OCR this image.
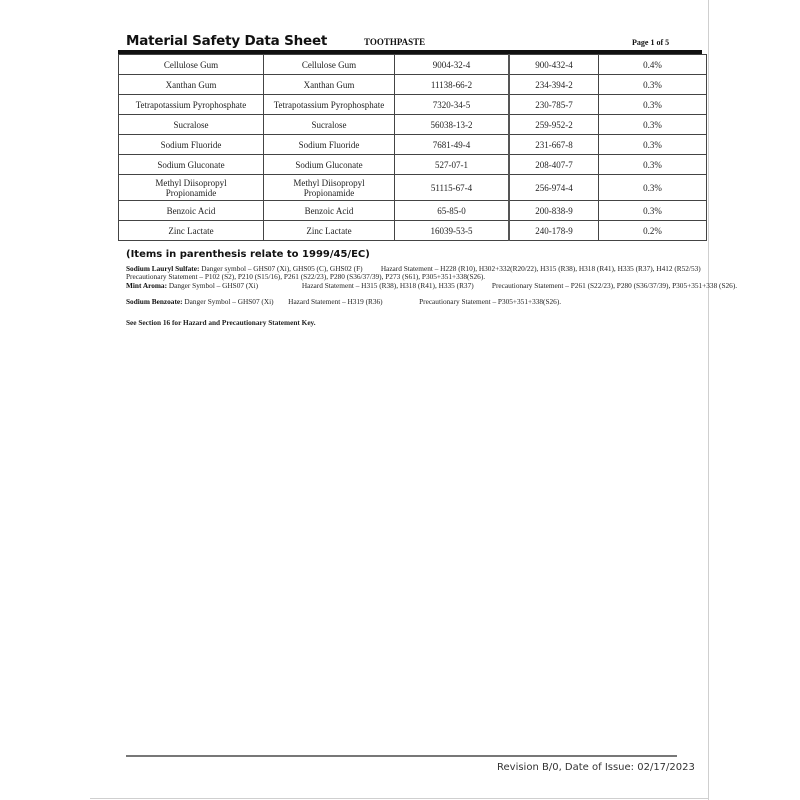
Material Safety Data Sheet	TOOTHPASTE	Page 1 of 5
Cellulose Gum	Cellulose Gum	9004-32-4	900-432-4	0.4%
Xanthan Gum	Xanthan Gum	11138-66-2	234-394-2	0.3%
Tetrapotassium Pyrophosphate	Tetrapotassium Pyrophosphate	7320-34-5	230-785-7	0.3%
Sucralose	Sucralose	56038-13-2	259-952-2	0.3%
Sodium Fluoride	Sodium Fluoride	7681-49-4	231-667-8	0.3%
Sodium Gluconate	Sodium Gluconate	527-07-1	208-407-7	0.3%
Methyl Diisopropyl
Propionamide	Methyl Diisopropyl
Propionamide	51115-67-4	256-974-4	0.3%
Benzoic Acid	Benzoic Acid	65-85-0	200-838-9	0.3%
Zinc Lactate	Zinc Lactate	16039-53-5	240-178-9	0.2%
(Items in parenthesis relate to 1999/45/EC)
Sodium Lauryl Sulfate: Danger symbol – GHS07 (Xi), GHS05 (C), GHS02 (F)	Hazard Statement – H228 (R10), H302+332(R20/22), H315 (R38), H318 (R41), H335 (R37), H412 (R52/53)
Precautionary Statement – P102 (S2), P210 (S15/16), P261 (S22/23), P280 (S36/37/39), P273 (S61), P305+351+338(S26).
Mint Aroma: Danger Symbol – GHS07 (Xi)	Hazard Statement – H315 (R38), H318 (R41), H335 (R37)	Precautionary Statement – P261 (S22/23), P280 (S36/37/39), P305+351+338 (S26).
Sodium Benzoate: Danger Symbol – GHS07 (Xi) Hazard Statement – H319 (R36)	Precautionary Statement – P305+351+338(S26).
See Section 16 for Hazard and Precautionary Statement Key.
Revision B/0, Date of Issue: 02/17/2023
